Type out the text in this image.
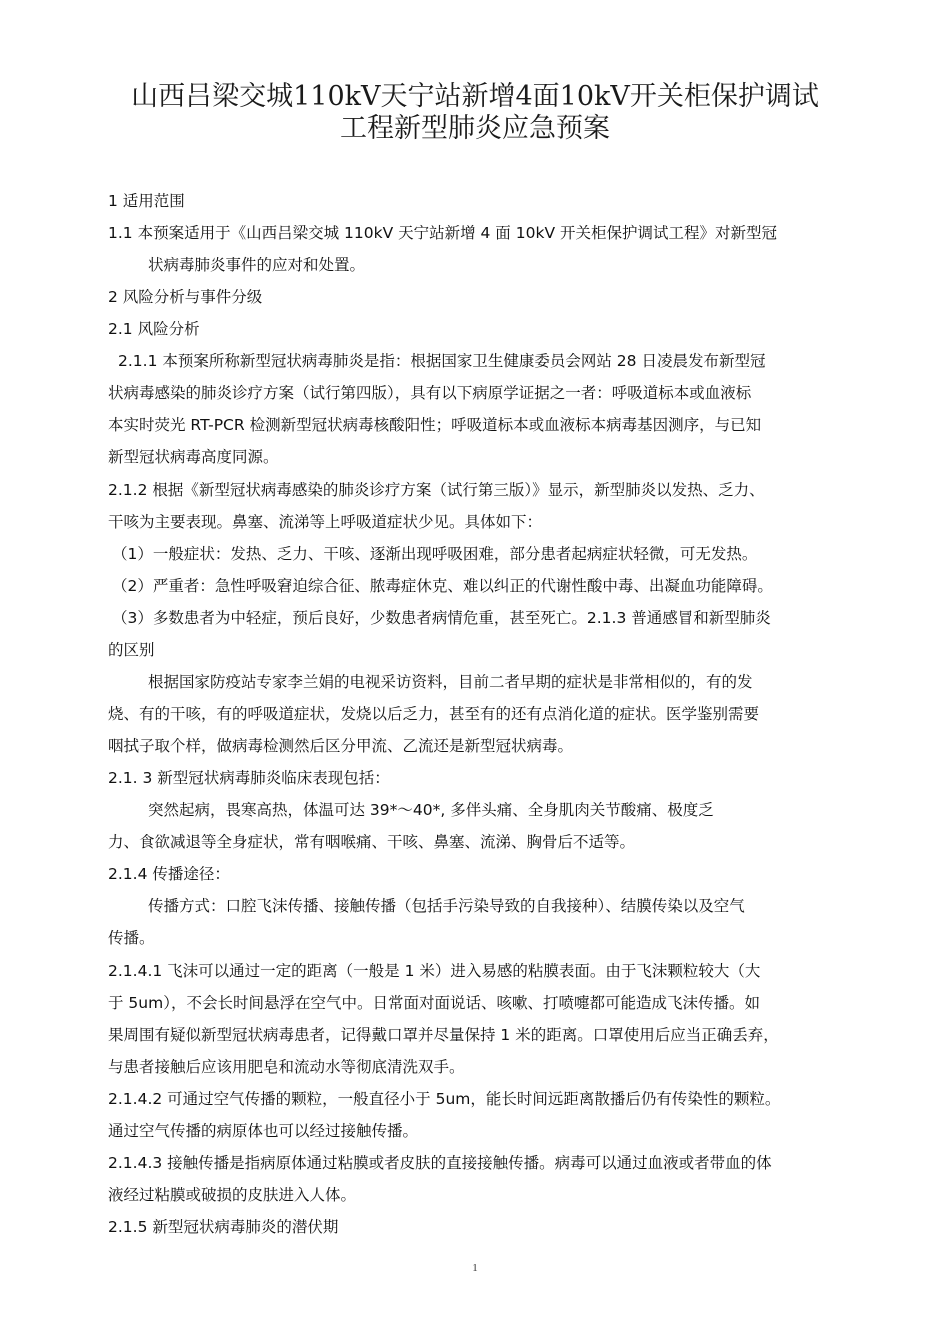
山西吕梁交城110kV天宁站新增4面10kV开关柜保护调试
工程新型肺炎应急预案
1 适用范围
1.1 本预案适用于《山西吕梁交城 110kV 天宁站新增 4 面 10kV 开关柜保护调试工程》对新型冠
状病毒肺炎事件的应对和处置。
2 风险分析与事件分级
2.1 风险分析
2.1.1 本预案所称新型冠状病毒肺炎是指：根据国家卫生健康委员会网站 28 日凌晨发布新型冠
状病毒感染的肺炎诊疗方案（试行第四版），具有以下病原学证据之一者：呼吸道标本或血液标
本实时荧光 RT-PCR 检测新型冠状病毒核酸阳性；呼吸道标本或血液标本病毒基因测序，与已知
新型冠状病毒高度同源。
2.1.2 根据《新型冠状病毒感染的肺炎诊疗方案（试行第三版）》显示，新型肺炎以发热、乏力、
干咳为主要表现。鼻塞、流涕等上呼吸道症状少见。具体如下：
（1）一般症状：发热、乏力、干咳、逐渐出现呼吸困难，部分患者起病症状轻微，可无发热。
（2）严重者：急性呼吸窘迫综合征、脓毒症休克、难以纠正的代谢性酸中毒、出凝血功能障碍。
（3）多数患者为中轻症，预后良好，少数患者病情危重，甚至死亡。2.1.3 普通感冒和新型肺炎
的区别
根据国家防疫站专家李兰娟的电视采访资料，目前二者早期的症状是非常相似的，有的发
烧、有的干咳，有的呼吸道症状，发烧以后乏力，甚至有的还有点消化道的症状。医学鉴别需要
咽拭子取个样，做病毒检测然后区分甲流、乙流还是新型冠状病毒。
2.1. 3 新型冠状病毒肺炎临床表现包括：
突然起病，畏寒高热，体温可达 39*〜40*, 多伴头痛、全身肌肉关节酸痛、极度乏
力、食欲减退等全身症状，常有咽喉痛、干咳、鼻塞、流涕、胸骨后不适等。
2.1.4 传播途径：
传播方式：口腔飞沫传播、接触传播（包括手污染导致的自我接种）、结膜传染以及空气
传播。
2.1.4.1 飞沫可以通过一定的距离（一般是 1 米）进入易感的粘膜表面。由于飞沫颗粒较大（大
于 5um），不会长时间悬浮在空气中。日常面对面说话、咳嗽、打喷嚏都可能造成飞沫传播。如
果周围有疑似新型冠状病毒患者，记得戴口罩并尽量保持 1 米的距离。口罩使用后应当正确丢弃，
与患者接触后应该用肥皂和流动水等彻底清洗双手。
2.1.4.2 可通过空气传播的颗粒，一般直径小于 5um，能长时间远距离散播后仍有传染性的颗粒。
通过空气传播的病原体也可以经过接触传播。
2.1.4.3 接触传播是指病原体通过粘膜或者皮肤的直接接触传播。病毒可以通过血液或者带血的体
液经过粘膜或破损的皮肤进入人体。
2.1.5 新型冠状病毒肺炎的潜伏期
1
